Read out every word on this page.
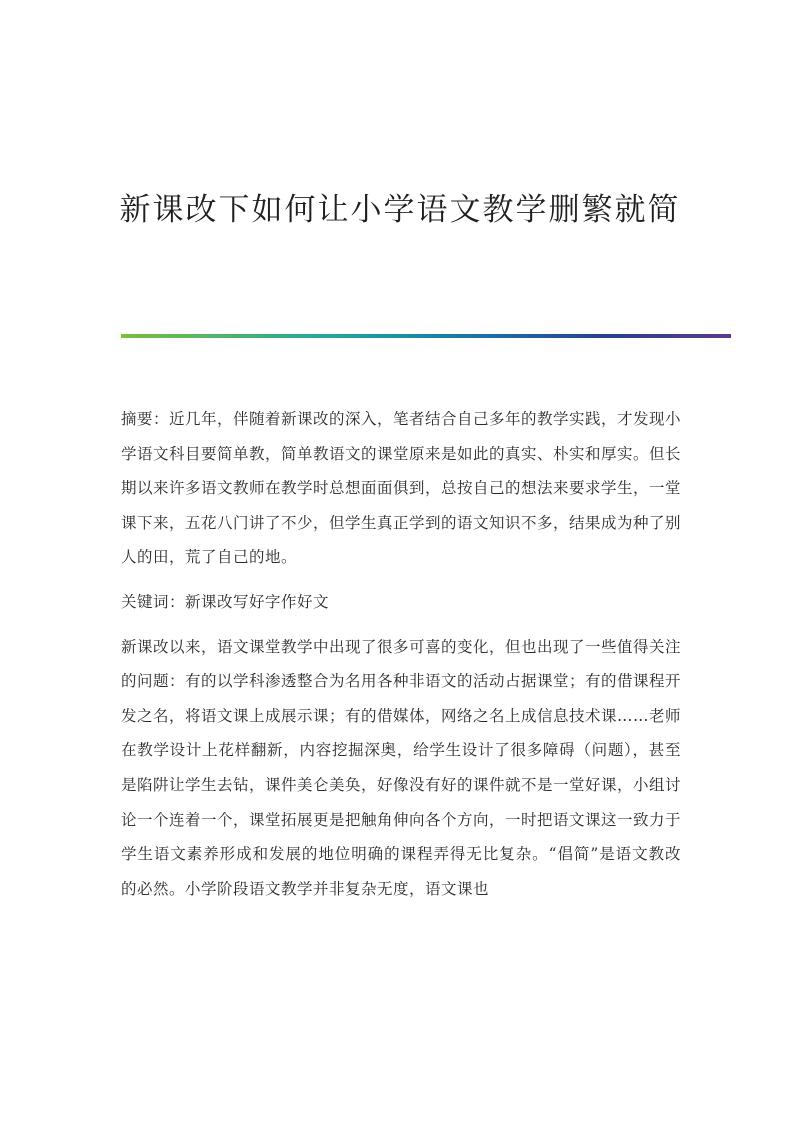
新课改下如何让小学语文教学删繁就简

摘要：近几年，伴随着新课改的深入，笔者结合自己多年的教学实践，才发现小学语文科目要简单教，简单教语文的课堂原来是如此的真实、朴实和厚实。但长期以来许多语文教师在教学时总想面面俱到，总按自己的想法来要求学生，一堂课下来，五花八门讲了不少，但学生真正学到的语文知识不多，结果成为种了别人的田，荒了自己的地。

关键词：新课改写好字作好文

新课改以来，语文课堂教学中出现了很多可喜的变化，但也出现了一些值得关注的问题：有的以学科渗透整合为名用各种非语文的活动占据课堂；有的借课程开发之名，将语文课上成展示课；有的借媒体，网络之名上成信息技术课……老师在教学设计上花样翻新，内容挖掘深奥，给学生设计了很多障碍（问题），甚至是陷阱让学生去钻，课件美仑美奂，好像没有好的课件就不是一堂好课，小组讨论一个连着一个，课堂拓展更是把触角伸向各个方向，一时把语文课这一致力于学生语文素养形成和发展的地位明确的课程弄得无比复杂。“倡简”是语文教改的必然。小学阶段语文教学并非复杂无度，语文课也
